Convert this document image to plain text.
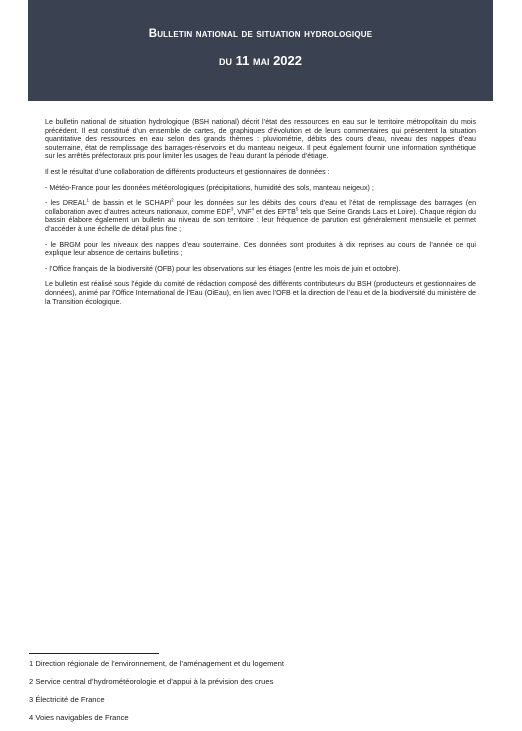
Bulletin national de situation hydrologique
du 11 mai 2022

Le bulletin national de situation hydrologique (BSH national) décrit l’état des ressources en eau sur le territoire métropolitain du mois précédent. Il est constitué d’un ensemble de cartes, de graphiques d’évolution et de leurs commentaires qui présentent la situation quantitative des ressources en eau selon des grands thèmes : pluviométrie, débits des cours d’eau, niveau des nappes d’eau souterraine, état de remplissage des barrages-réservoirs et du manteau neigeux. Il peut également fournir une information synthétique sur les arrêtés préfectoraux pris pour limiter les usages de l’eau durant la période d’étiage.

Il est le résultat d’une collaboration de différents producteurs et gestionnaires de données :

- Météo-France pour les données météorologiques (précipitations, humidité des sols, manteau neigeux) ;

- les DREAL$^1$ de bassin et le SCHAPI$^2$ pour les données sur les débits des cours d’eau et l’état de remplissage des barrages (en collaboration avec d’autres acteurs nationaux, comme EDF$^3$, VNF$^4$ et des EPTB$^5$ tels que Seine Grands Lacs et Loire). Chaque région du bassin élabore également un bulletin au niveau de son territoire : leur fréquence de parution est généralement mensuelle et permet d’accéder à une échelle de détail plus fine ;

- le BRGM pour les niveaux des nappes d’eau souterraine. Ces données sont produites à dix reprises au cours de l’année ce qui explique leur absence de certains bulletins ;

- l’Office français de la biodiversité (OFB) pour les observations sur les étiages (entre les mois de juin et octobre).

Le bulletin est réalisé sous l’égide du comité de rédaction composé des différents contributeurs du BSH (producteurs et gestionnaires de données), animé par l’Office International de l’Eau (OiEau), en lien avec l’OFB et la direction de l’eau et de la biodiversité du ministère de la Transition écologique.

1 Direction régionale de l’environnement, de l’aménagement et du logement
2 Service central d’hydrométéorologie et d’appui à la prévision des crues
3 Électricité de France
4 Voies navigables de France
